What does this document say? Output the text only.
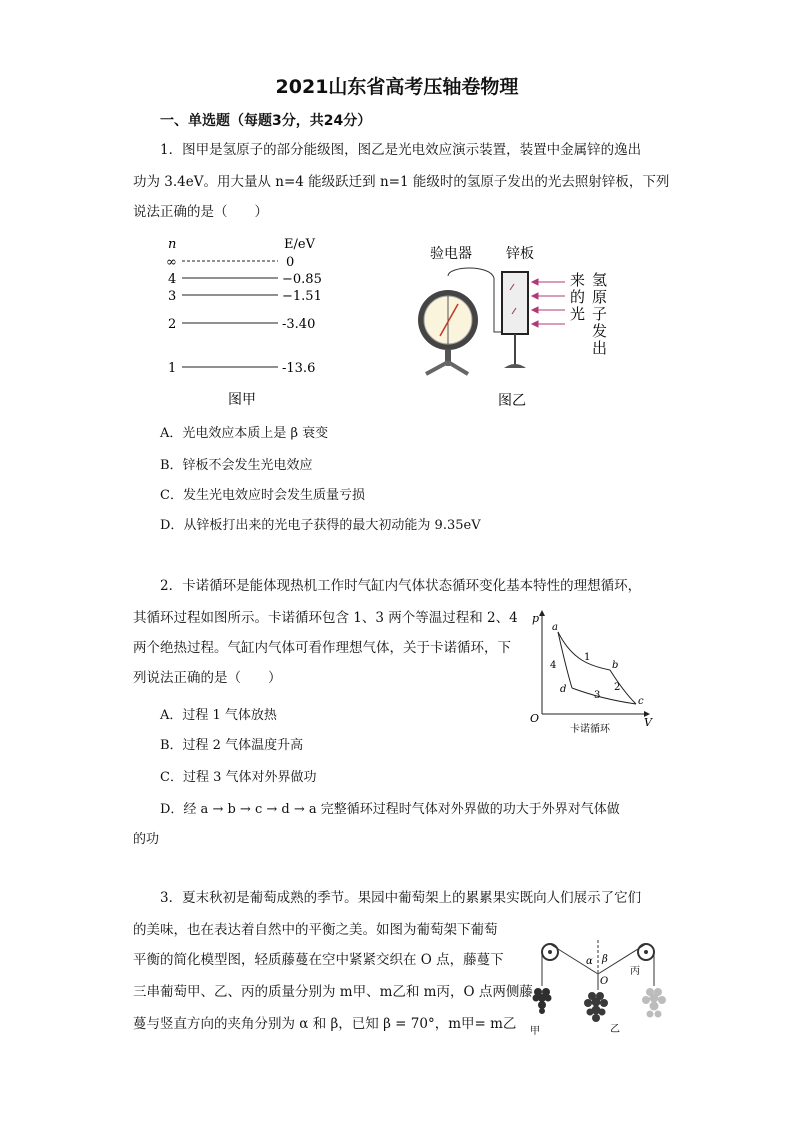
2021山东省高考压轴卷物理
一、单选题（每题3分，共24分）
1．图甲是氢原子的部分能级图，图乙是光电效应演示装置，装置中金属锌的逸出
功为 3.4eV。用大量从 n=4 能级跃迁到 n=1 能级时的氢原子发出的光去照射锌板，下列
说法正确的是（　　）
n	E/eV
∞	0
4	−0.85
3	−1.51
2	-3.40
1	-13.6
图甲
验电器 锌板
来的光
氢原子发出
图乙
A．光电效应本质上是 β 衰变
B．锌板不会发生光电效应
C．发生光电效应时会发生质量亏损
D．从锌板打出来的光电子获得的最大初动能为 9.35eV
2．卡诺循环是能体现热机工作时气缸内气体状态循环变化基本特性的理想循环，
其循环过程如图所示。卡诺循环包含 1、3 两个等温过程和 2、4
两个绝热过程。气缸内气体可看作理想气体，关于卡诺循环，下
列说法正确的是（　　）
p
V
O
a
b
c
d
1
2
3
4
卡诺循环
A．过程 1 气体放热
B．过程 2 气体温度升高
C．过程 3 气体对外界做功
D．经 a → b → c → d → a 完整循环过程时气体对外界做的功大于外界对气体做
的功
3．夏末秋初是葡萄成熟的季节。果园中葡萄架上的累累果实既向人们展示了它们
的美味，也在表达着自然中的平衡之美。如图为葡萄架下葡萄
平衡的简化模型图，轻质藤蔓在空中紧紧交织在 O 点，藤蔓下
三串葡萄甲、乙、丙的质量分别为 m甲、m乙和 m丙，O 点两侧藤
蔓与竖直方向的夹角分别为 α 和 β，已知 β = 70°，m甲= m乙
α β
O
甲	乙
丙
